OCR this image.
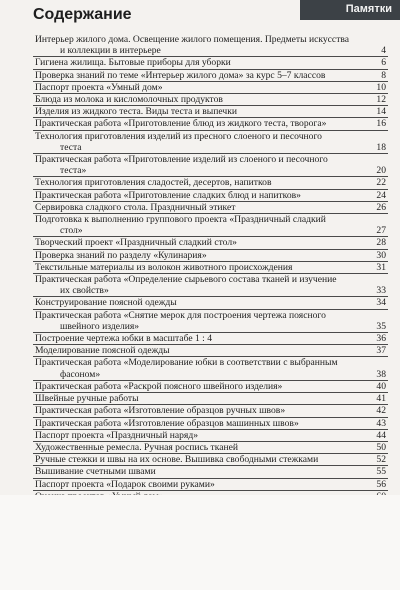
Памятки
Содержание
Интерьер жилого дома. Освещение жилого помещения. Предметы искусства

и коллекции в интерьере	4
Гигиена жилища. Бытовые приборы для уборки	6
Проверка знаний по теме «Интерьер жилого дома» за курс 5–7 классов	8
Паспорт проекта «Умный дом»	10
Блюда из молока и кисломолочных продуктов	12
Изделия из жидкого теста. Виды теста и выпечки	14
Практическая работа «Приготовление блюд из жидкого теста, творога»	16
Технология приготовления изделий из пресного слоеного и песочного

теста	18
Практическая работа «Приготовление изделий из слоеного и песочного

теста»	20
Технология приготовления сладостей, десертов, напитков	22
Практическая работа «Приготовление сладких блюд и напитков»	24
Сервировка сладкого стола. Праздничный этикет	26
Подготовка к выполнению группового проекта «Праздничный сладкий

стол»	27
Творческий проект «Праздничный сладкий стол»	28
Проверка знаний по разделу «Кулинария»	30
Текстильные материалы из волокон животного происхождения	31
Практическая работа «Определение сырьевого состава тканей и изучение

их свойств»	33
Конструирование поясной одежды	34
Практическая работа «Снятие мерок для построения чертежа поясного

швейного изделия»	35
Построение чертежа юбки в масштабе 1 : 4	36
Моделирование поясной одежды	37
Практическая работа «Моделирование юбки в соответствии с выбранным

фасоном»	38
Практическая работа «Раскрой поясного швейного изделия»	40
Швейные ручные работы	41
Практическая работа «Изготовление образцов ручных швов»	42
Практическая работа «Изготовление образцов машинных швов»	43
Паспорт проекта «Праздничный наряд»	44
Художественные ремесла. Ручная роспись тканей	50
Ручные стежки и швы на их основе. Вышивка свободными стежками	52
Вышивание счетными швами	55
Паспорт проекта «Подарок своими руками»	56
